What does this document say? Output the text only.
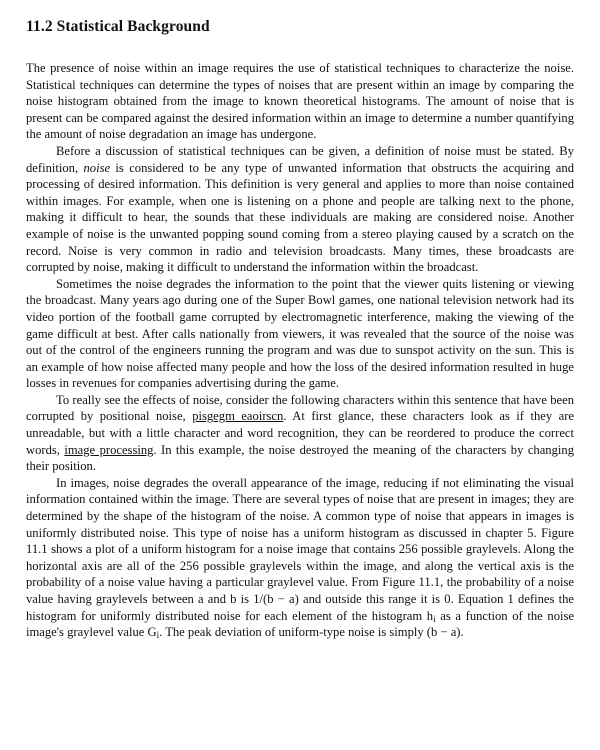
11.2 Statistical Background

The presence of noise within an image requires the use of statistical techniques to characterize the noise. Statistical techniques can determine the types of noises that are present within an image by comparing the noise histogram obtained from the image to known theoretical histograms. The amount of noise that is present can be compared against the desired information within an image to determine a number quantifying the amount of noise degradation an image has undergone.

Before a discussion of statistical techniques can be given, a definition of noise must be stated. By definition, noise is considered to be any type of unwanted information that obstructs the acquiring and processing of desired information. This definition is very general and applies to more than noise contained within images. For example, when one is listening on a phone and people are talking next to the phone, making it difficult to hear, the sounds that these individuals are making are considered noise. Another example of noise is the unwanted popping sound coming from a stereo playing caused by a scratch on the record. Noise is very common in radio and television broadcasts. Many times, these broadcasts are corrupted by noise, making it difficult to understand the information within the broadcast.

Sometimes the noise degrades the information to the point that the viewer quits listening or viewing the broadcast. Many years ago during one of the Super Bowl games, one national television network had its video portion of the football game corrupted by electromagnetic interference, making the viewing of the game difficult at best. After calls nationally from viewers, it was revealed that the source of the noise was out of the control of the engineers running the program and was due to sunspot activity on the sun. This is an example of how noise affected many people and how the loss of the desired information resulted in huge losses in revenues for companies advertising during the game.

To really see the effects of noise, consider the following characters within this sentence that have been corrupted by positional noise, pisgegm eaoirscn. At first glance, these characters look as if they are unreadable, but with a little character and word recognition, they can be reordered to produce the correct words, image processing. In this example, the noise destroyed the meaning of the characters by changing their position.

In images, noise degrades the overall appearance of the image, reducing if not eliminating the visual information contained within the image. There are several types of noise that are present in images; they are determined by the shape of the histogram of the noise. A common type of noise that appears in images is uniformly distributed noise. This type of noise has a uniform histogram as discussed in chapter 5. Figure 11.1 shows a plot of a uniform histogram for a noise image that contains 256 possible graylevels. Along the horizontal axis are all of the 256 possible graylevels within the image, and along the vertical axis is the probability of a noise value having a particular graylevel value. From Figure 11.1, the probability of a noise value having graylevels between a and b is 1/(b − a) and outside this range it is 0. Equation 1 defines the histogram for uniformly distributed noise for each element of the histogram $h_i$ as a function of the noise image's graylevel value $G_i$. The peak deviation of uniform-type noise is simply (b − a).
